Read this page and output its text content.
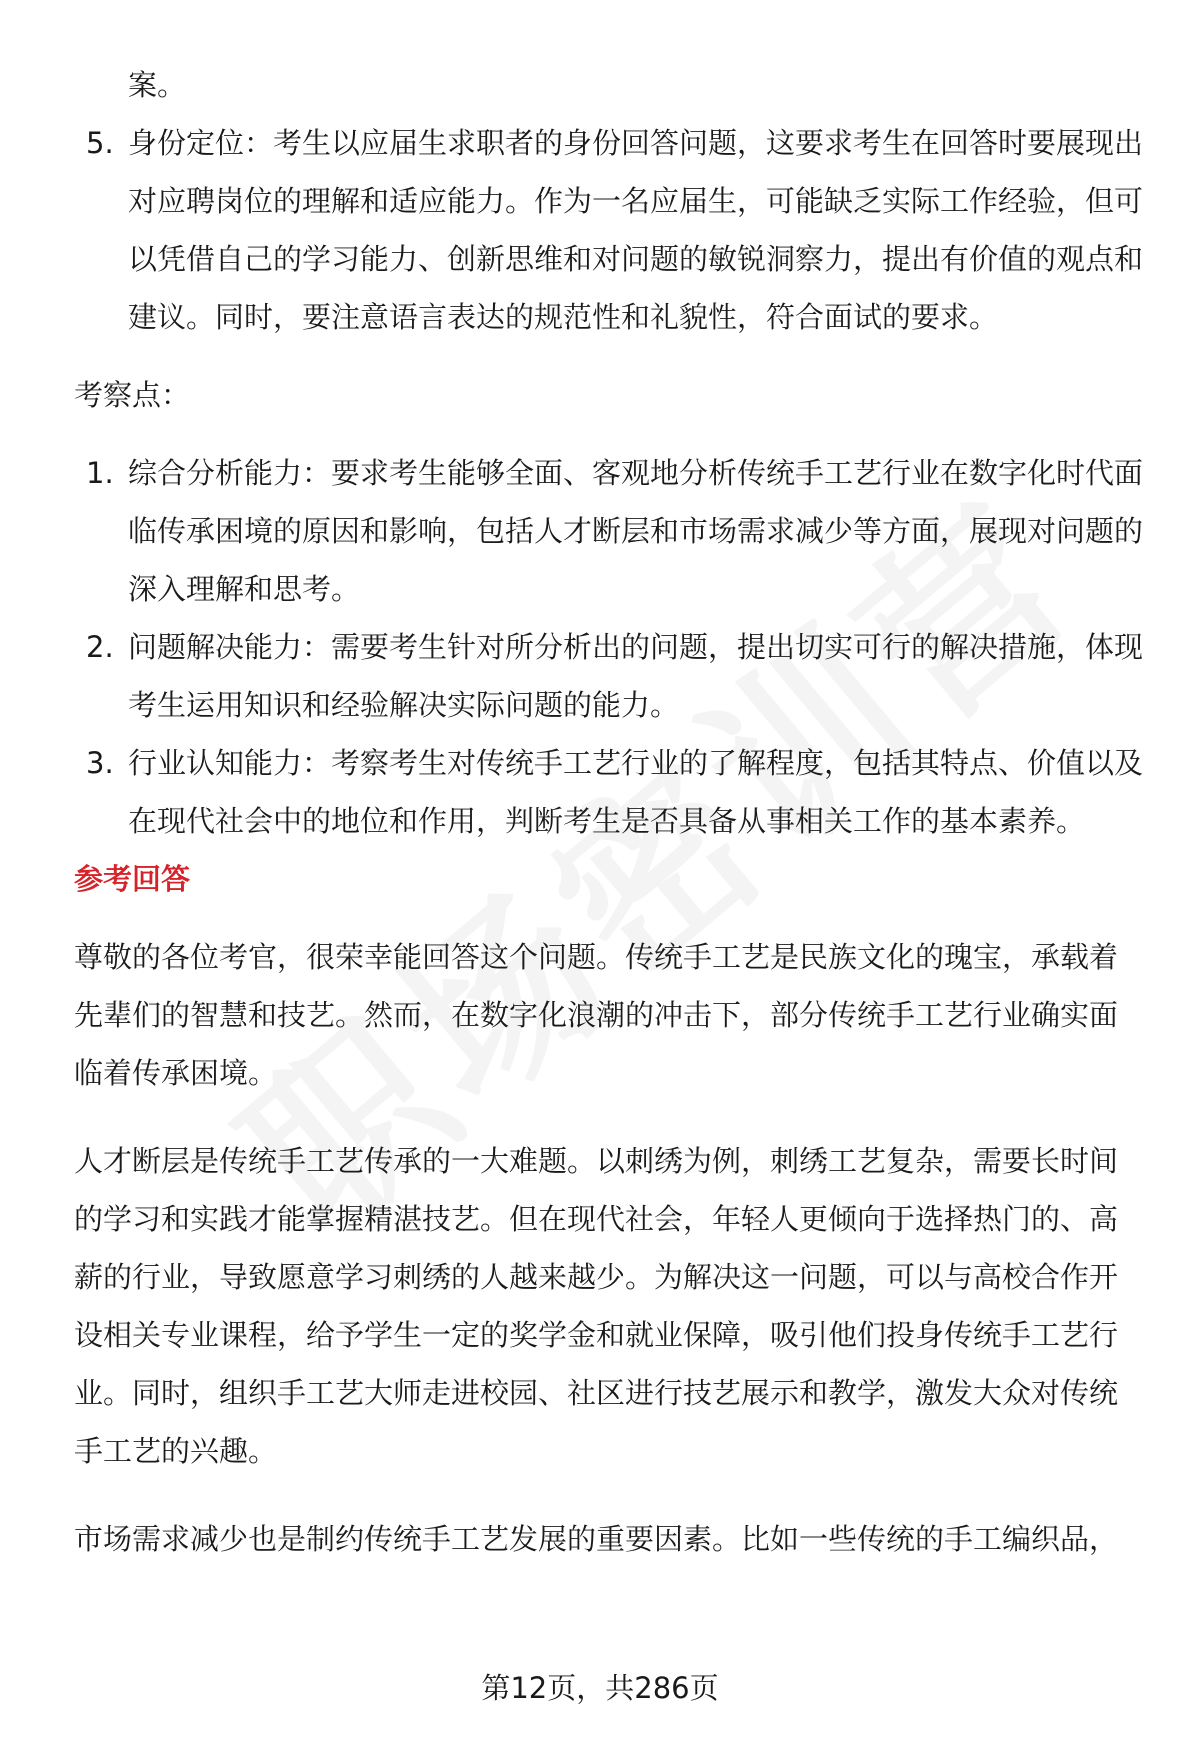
案。

5. 身份定位：考生以应届生求职者的身份回答问题，这要求考生在回答时要展现出对应聘岗位的理解和适应能力。作为一名应届生，可能缺乏实际工作经验，但可以凭借自己的学习能力、创新思维和对问题的敏锐洞察力，提出有价值的观点和建议。同时，要注意语言表达的规范性和礼貌性，符合面试的要求。

考察点：

1. 综合分析能力：要求考生能够全面、客观地分析传统手工艺行业在数字化时代面临传承困境的原因和影响，包括人才断层和市场需求减少等方面，展现对问题的深入理解和思考。
2. 问题解决能力：需要考生针对所分析出的问题，提出切实可行的解决措施，体现考生运用知识和经验解决实际问题的能力。
3. 行业认知能力：考察考生对传统手工艺行业的了解程度，包括其特点、价值以及在现代社会中的地位和作用，判断考生是否具备从事相关工作的基本素养。

参考回答

尊敬的各位考官，很荣幸能回答这个问题。传统手工艺是民族文化的瑰宝，承载着先辈们的智慧和技艺。然而，在数字化浪潮的冲击下，部分传统手工艺行业确实面临着传承困境。

人才断层是传统手工艺传承的一大难题。以刺绣为例，刺绣工艺复杂，需要长时间的学习和实践才能掌握精湛技艺。但在现代社会，年轻人更倾向于选择热门的、高薪的行业，导致愿意学习刺绣的人越来越少。为解决这一问题，可以与高校合作开设相关专业课程，给予学生一定的奖学金和就业保障，吸引他们投身传统手工艺行业。同时，组织手工艺大师走进校园、社区进行技艺展示和教学，激发大众对传统手工艺的兴趣。

市场需求减少也是制约传统手工艺发展的重要因素。比如一些传统的手工编织品，

第12页，共286页
